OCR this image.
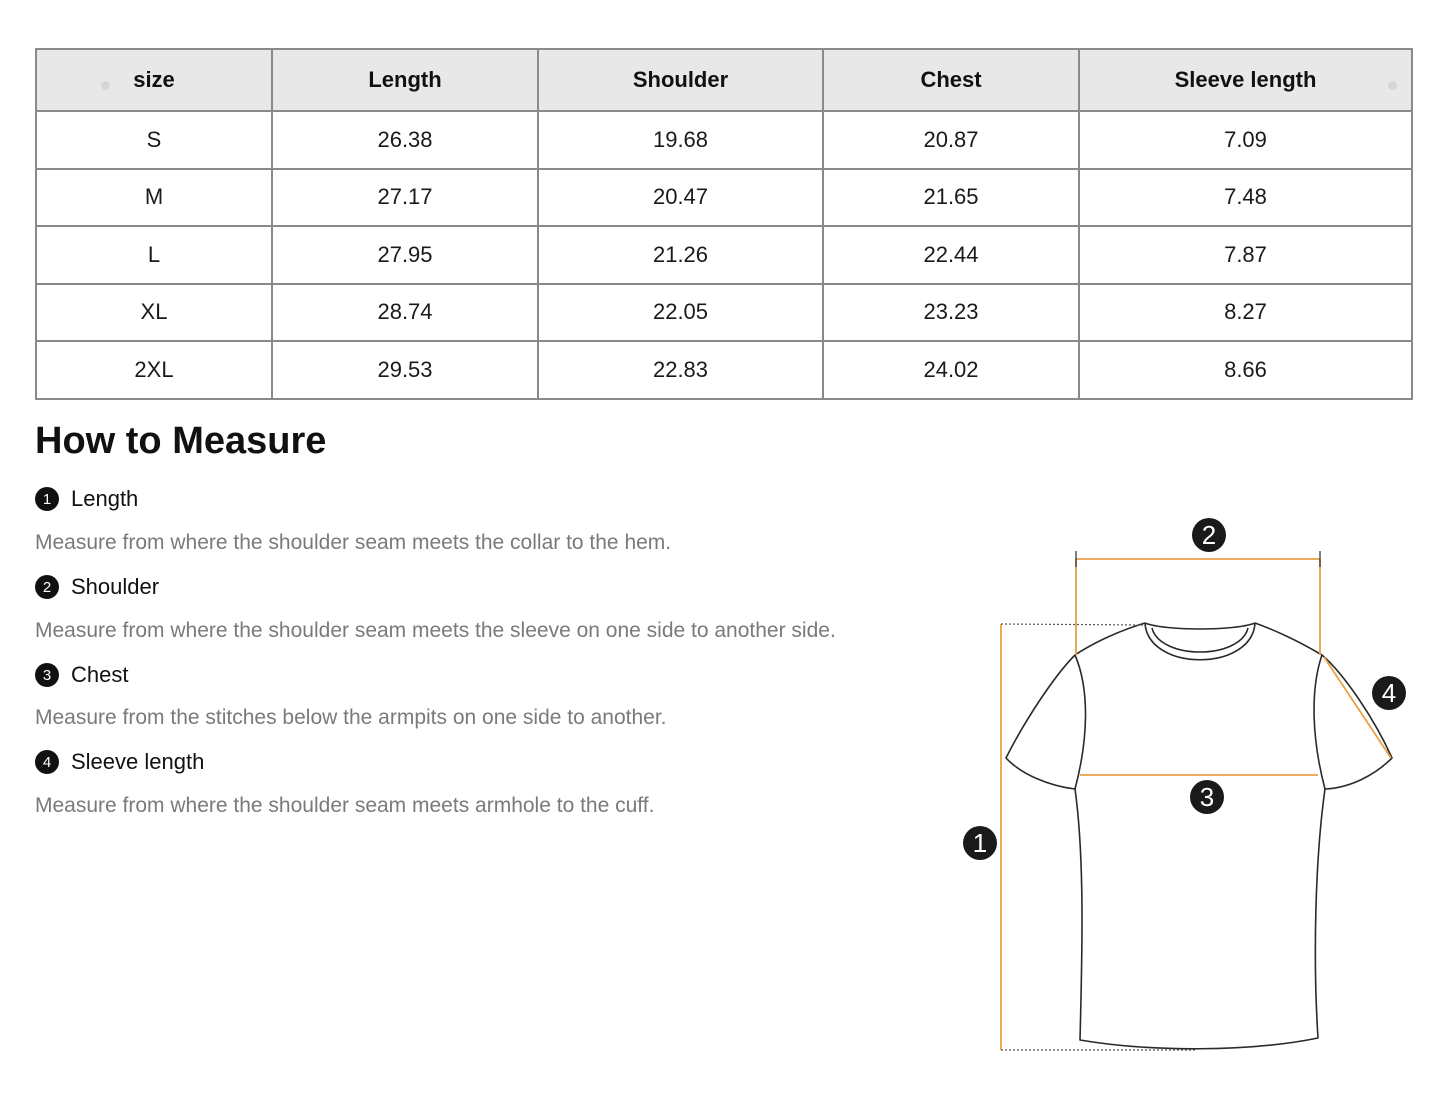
size	Length	Shoulder	Chest	Sleeve length

S	26.38	19.68	20.87	7.09
M	27.17	20.47	21.65	7.48
L	27.95	21.26	22.44	7.87
XL	28.74	22.05	23.23	8.27
2XL	29.53	22.83	24.02	8.66
How to Measure
1 Length
Measure from where the shoulder seam meets the collar to the hem.
2 Shoulder
Measure from where the shoulder seam meets the sleeve on one side to another side.
3 Chest
Measure from the stitches below the armpits on one side to another.
4 Sleeve length
Measure from where the shoulder seam meets armhole to the cuff.
1
2
3
4
